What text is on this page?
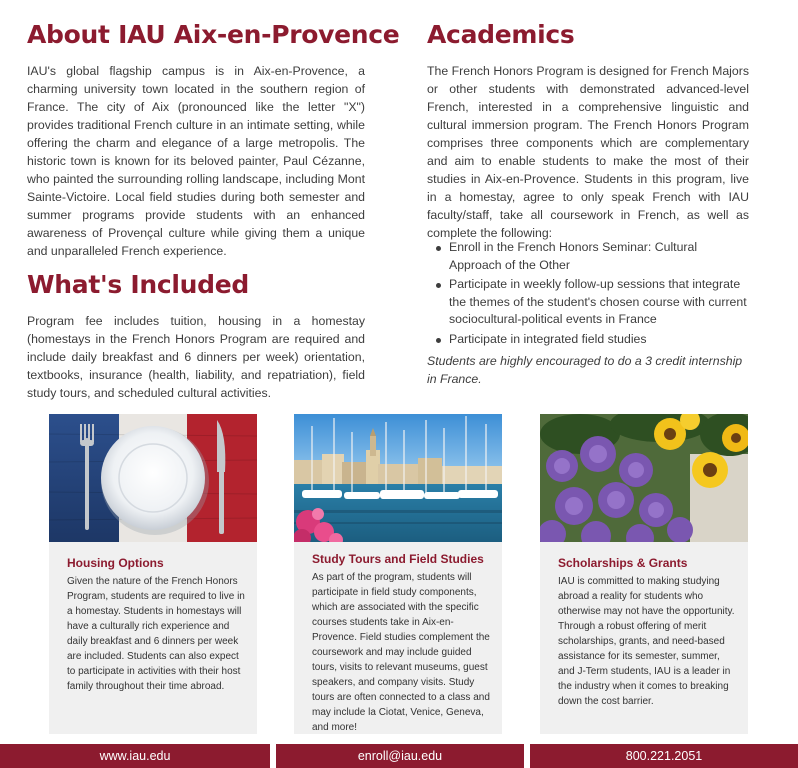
About IAU Aix-en-Provence

IAU's global flagship campus is in Aix-en-Provence, a charming university town located in the southern region of France. The city of Aix (pronounced like the letter "X") provides traditional French culture in an intimate setting, while offering the charm and elegance of a large metropolis. The historic town is known for its beloved painter, Paul Cézanne, who painted the surrounding rolling landscape, including Mont Sainte-Victoire. Local field studies during both semester and summer programs provide students with an enhanced awareness of Provençal culture while giving them a unique and unparalleled French experience.

What's Included

Program fee includes tuition, housing in a homestay (homestays in the French Honors Program are required and include daily breakfast and 6 dinners per week) orientation, textbooks, insurance (health, liability, and repatriation), field study tours, and scheduled cultural activities.

Academics

The French Honors Program is designed for French Majors or other students with demonstrated advanced-level French, interested in a comprehensive linguistic and cultural immersion program. The French Honors Program comprises three components which are complementary and aim to enable students to make the most of their studies in Aix-en-Provence. Students in this program, live in a homestay, agree to only speak French with IAU faculty/staff, take all coursework in French, as well as complete the following:

Enroll in the French Honors Seminar: Cultural Approach of the Other
Participate in weekly follow-up sessions that integrate the themes of the student's chosen course with current sociocultural-political events in France
Participate in integrated field studies

Students are highly encouraged to do a 3 credit internship in France.

Housing Options
Given the nature of the French Honors Program, students are required to live in a homestay. Students in homestays will have a culturally rich experience and daily breakfast and 6 dinners per week are included. Students can also expect to participate in activities with their host family throughout their time abroad.
Study Tours and Field Studies
As part of the program, students will participate in field study components, which are associated with the specific courses students take in Aix-en-Provence. Field studies complement the coursework and may include guided tours, visits to relevant museums, guest speakers, and company visits. Study tours are often connected to a class and may include la Ciotat, Venice, Geneva, and more!
Scholarships & Grants
IAU is committed to making studying abroad a reality for students who otherwise may not have the opportunity. Through a robust offering of merit scholarships, grants, and need-based assistance for its semester, summer, and J-Term students, IAU is a leader in the industry when it comes to breaking down the cost barrier.
www.iau.edu	enroll@iau.edu	800.221.2051
